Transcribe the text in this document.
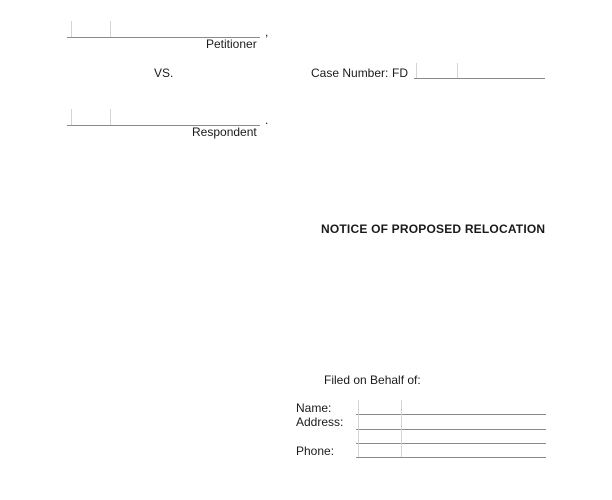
,
Petitioner
VS.	Case Number: FD
.
Respondent
NOTICE OF PROPOSED RELOCATION
Filed on Behalf of:
Name:
Address:
Phone:
